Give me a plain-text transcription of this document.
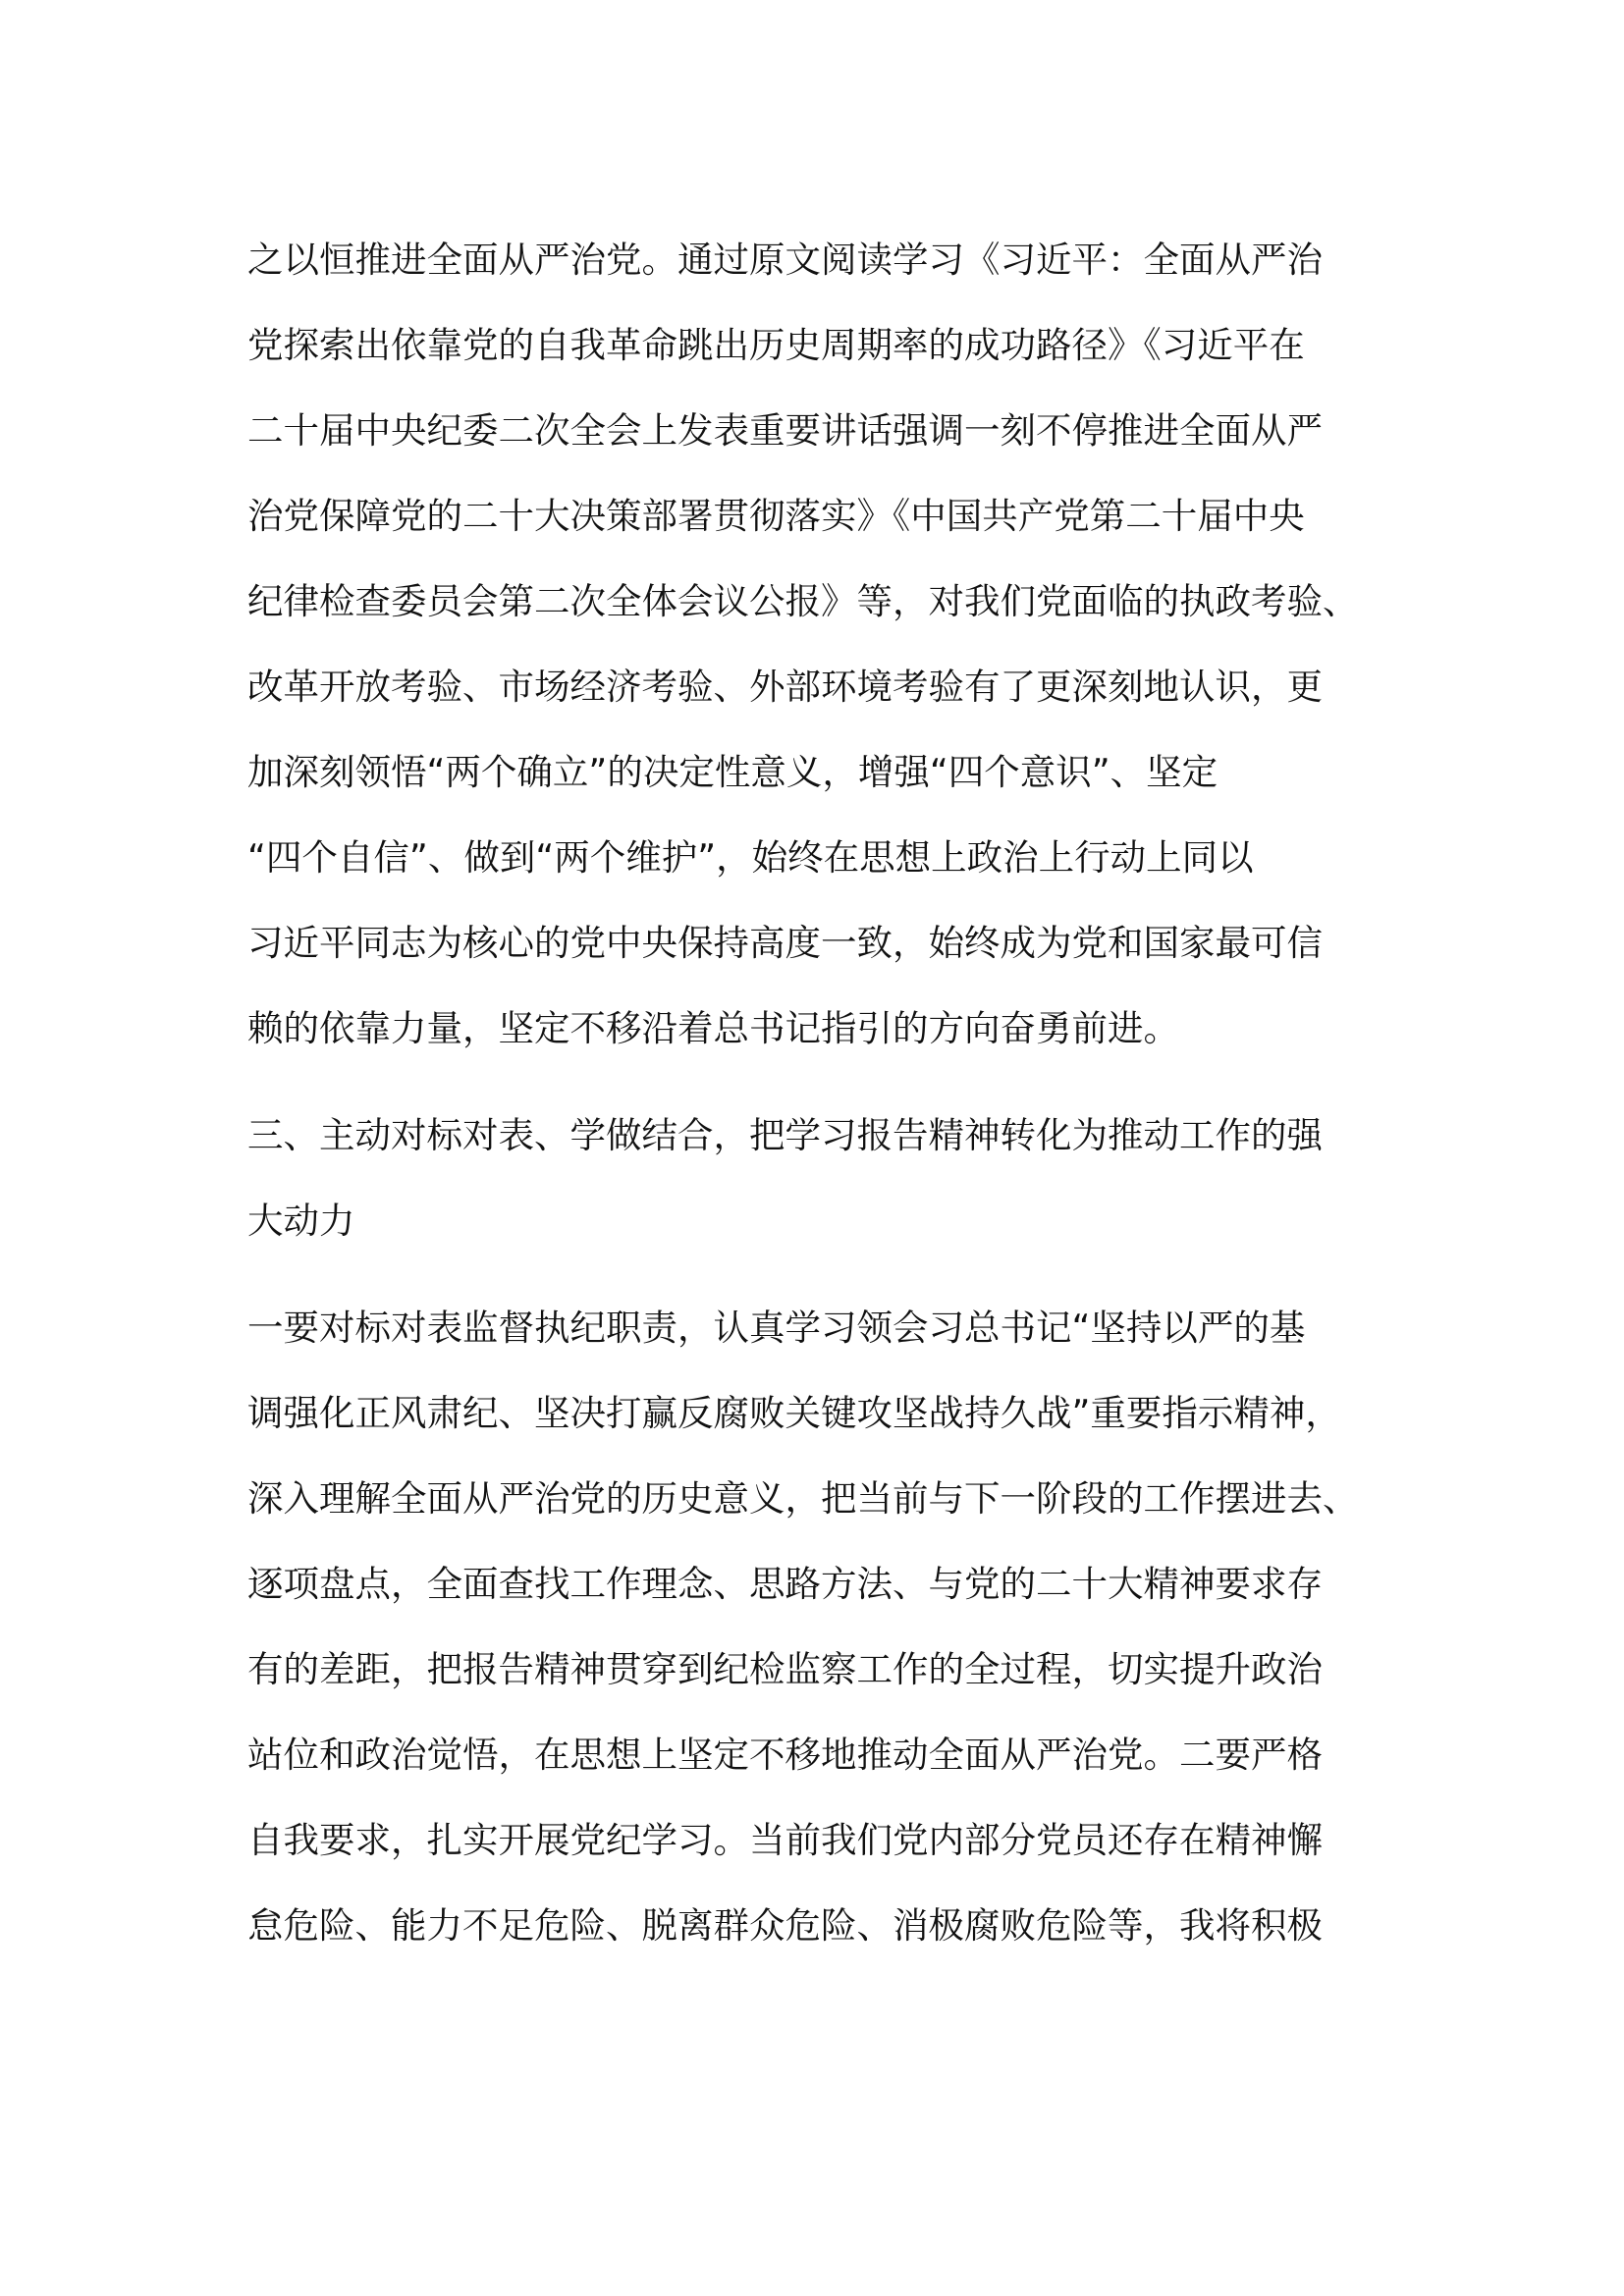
之以恒推进全面从严治党。通过原文阅读学习《习近平：全面从严治
党探索出依靠党的自我革命跳出历史周期率的成功路径》《习近平在
二十届中央纪委二次全会上发表重要讲话强调一刻不停推进全面从严
治党保障党的二十大决策部署贯彻落实》《中国共产党第二十届中央
纪律检查委员会第二次全体会议公报》等，对我们党面临的执政考验、
改革开放考验、市场经济考验、外部环境考验有了更深刻地认识，更
加深刻领悟“两个确立”的决定性意义，增强“四个意识”、坚定
“四个自信”、做到“两个维护”，始终在思想上政治上行动上同以
习近平同志为核心的党中央保持高度一致，始终成为党和国家最可信
赖的依靠力量，坚定不移沿着总书记指引的方向奋勇前进。
三、主动对标对表、学做结合，把学习报告精神转化为推动工作的强
大动力
一要对标对表监督执纪职责，认真学习领会习总书记“坚持以严的基
调强化正风肃纪、坚决打赢反腐败关键攻坚战持久战”重要指示精神，
深入理解全面从严治党的历史意义，把当前与下一阶段的工作摆进去、
逐项盘点，全面查找工作理念、思路方法、与党的二十大精神要求存
有的差距，把报告精神贯穿到纪检监察工作的全过程，切实提升政治
站位和政治觉悟，在思想上坚定不移地推动全面从严治党。二要严格
自我要求，扎实开展党纪学习。当前我们党内部分党员还存在精神懈
怠危险、能力不足危险、脱离群众危险、消极腐败危险等，我将积极
